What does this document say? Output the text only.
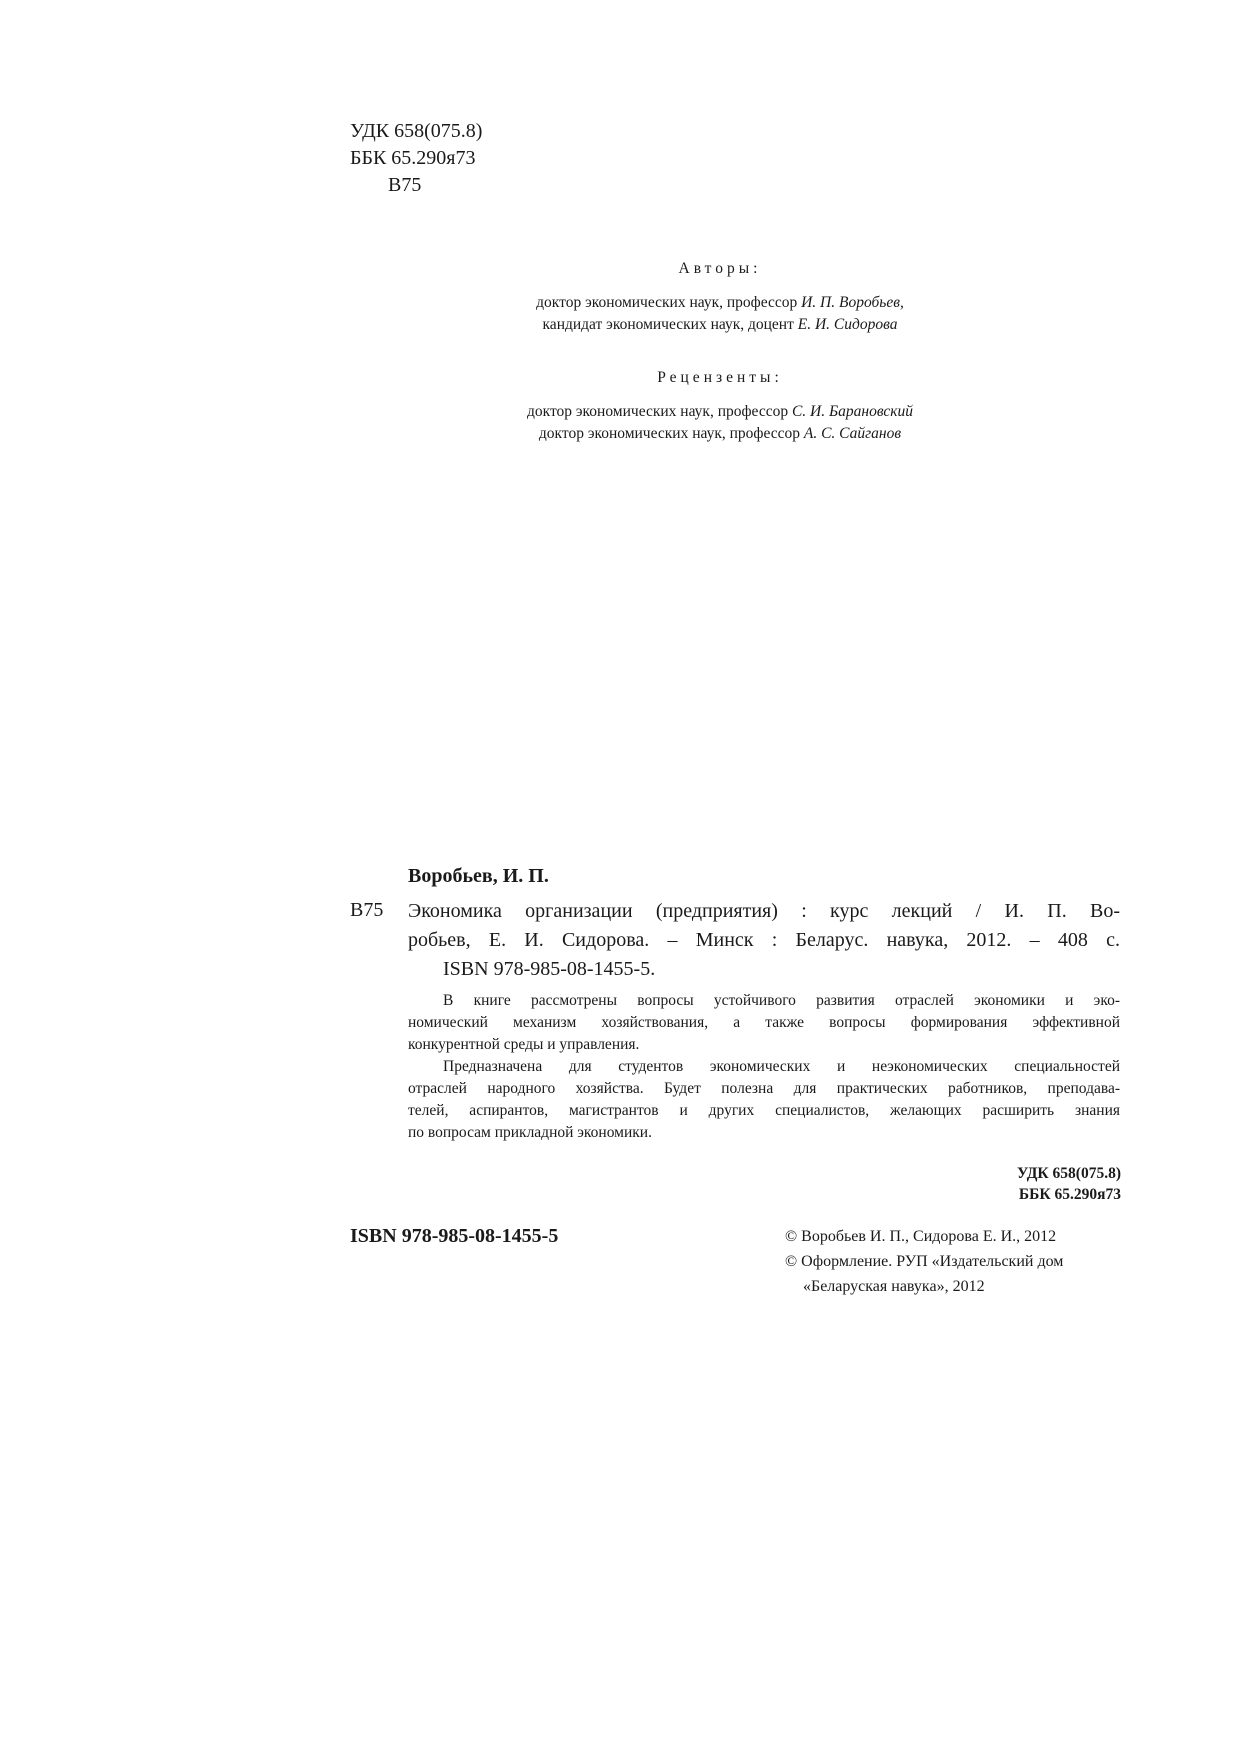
УДК 658(075.8)
ББК 65.290я73
В75
Авторы:
доктор экономических наук, профессор И. П. Воробьев,
кандидат экономических наук, доцент Е. И. Сидорова
Рецензенты:
доктор экономических наук, профессор С. И. Барановский
доктор экономических наук, профессор А. С. Сайганов
Воробьев, И. П.
В75 Экономика организации (предприятия) : курс лекций / И. П. Во-

робьев, Е. И. Сидорова. – Минск : Беларус. навука, 2012. – 408 с.

ISBN 978-985-08-1455-5.

В книге рассмотрены вопросы устойчивого развития отраслей экономики и эко-
номический механизм хозяйствования, а также вопросы формирования эффективной
конкурентной среды и управления.
Предназначена для студентов экономических и неэкономических специальностей
отраслей народного хозяйства. Будет полезна для практических работников, преподава-
телей, аспирантов, магистрантов и других специалистов, желающих расширить знания
по вопросам прикладной экономики.
УДК 658(075.8)
ББК 65.290я73
ISBN 978-985-08-1455-5	© Воробьев И. П., Сидорова Е. И., 2012
© Оформление. РУП «Издательский дом
«Беларуская навука», 2012
